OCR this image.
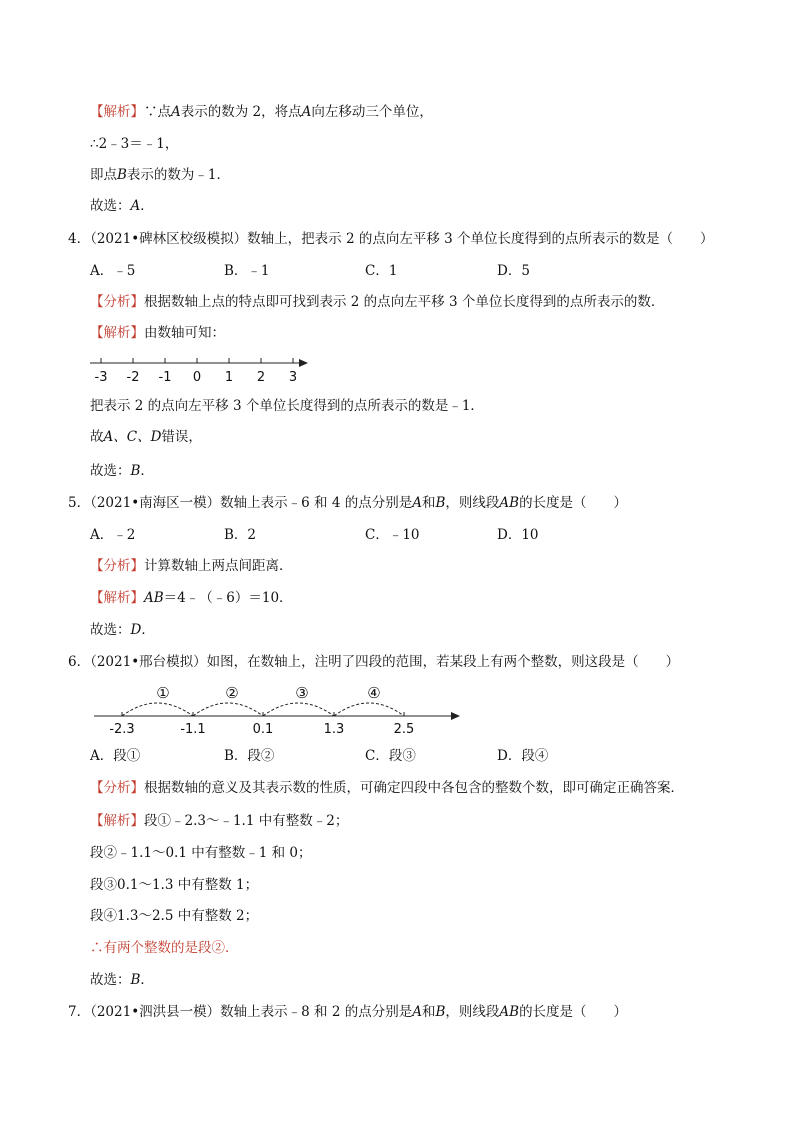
【解析】∵点A表示的数为 2，将点A向左移动三个单位，
∴2﹣3＝﹣1，
即点B表示的数为﹣1．
故选：A．
4．（2021•碑林区校级模拟）数轴上，把表示 2 的点向左平移 3 个单位长度得到的点所表示的数是（　　）
A．﹣5	B．﹣1	C．1	D．5
【分析】根据数轴上点的特点即可找到表示 2 的点向左平移 3 个单位长度得到的点所表示的数．
【解析】由数轴可知：
-3 -2 -1 0 1 2 3
把表示 2 的点向左平移 3 个单位长度得到的点所表示的数是﹣1．
故A、C、D错误，
故选：B．
5．（2021•南海区一模）数轴上表示﹣6 和 4 的点分别是A和B，则线段AB的长度是（　　）
A．﹣2	B．2	C．﹣10	D．10
【分析】计算数轴上两点间距离．
【解析】AB＝4﹣（﹣6）＝10．
故选：D．
6．（2021•邢台模拟）如图，在数轴上，注明了四段的范围，若某段上有两个整数，则这段是（　　）
①	②	③	④
-2.3	-1.1	0.1	1.3	2.5
A．段①	B．段②	C．段③	D．段④
【分析】根据数轴的意义及其表示数的性质，可确定四段中各包含的整数个数，即可确定正确答案．
【解析】段①﹣2.3～﹣1.1 中有整数﹣2；
段②﹣1.1～0.1 中有整数﹣1 和 0；
段③0.1～1.3 中有整数 1；
段④1.3～2.5 中有整数 2；
∴有两个整数的是段②．
故选：B．
7．（2021•泗洪县一模）数轴上表示﹣8 和 2 的点分别是A和B，则线段AB的长度是（　　）
